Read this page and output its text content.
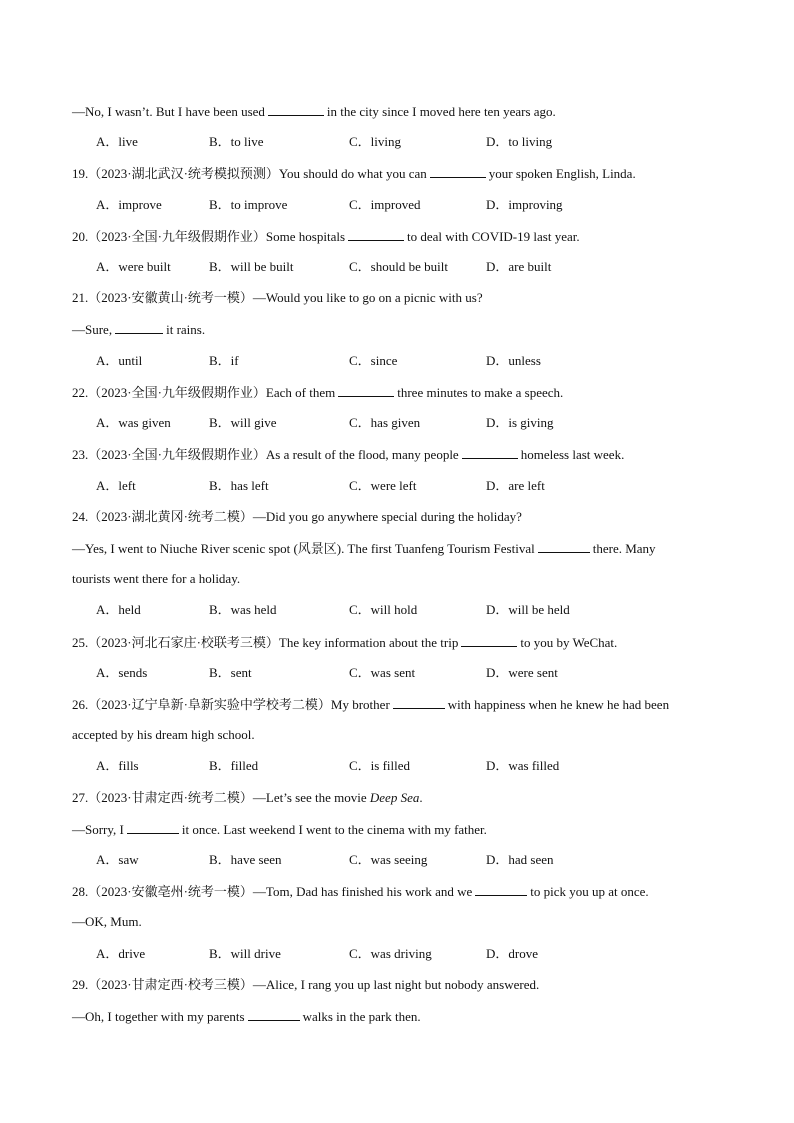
—No, I wasn’t. But I have been used	in the city since I moved here ten years ago.
A．live	B．to live	C．living	D．to living
19.（2023·湖北武汉·统考模拟预测）You should do what you can	your spoken English, Linda.
A．improve	B．to improve	C．improved	D．improving
20.（2023·全国·九年级假期作业）Some hospitals	to deal with COVID-19 last year.
A．were built	B．will be built	C．should be built	D．are built
21.（2023·安徽黄山·统考一模）—Would you like to go on a picnic with us?
—Sure,	it rains.
A．until	B．if	C．since	D．unless
22.（2023·全国·九年级假期作业）Each of them	three minutes to make a speech.
A．was given	B．will give	C．has given	D．is giving
23.（2023·全国·九年级假期作业）As a result of the flood, many people	homeless last week.
A．left	B．has left	C．were left	D．are left
24.（2023·湖北黄冈·统考二模）—Did you go anywhere special during the holiday?
—Yes, I went to Niuche River scenic spot (风景区). The first Tuanfeng Tourism Festival	there. Many
tourists went there for a holiday.
A．held	B．was held	C．will hold	D．will be held
25.（2023·河北石家庄·校联考三模）The key information about the trip	to you by WeChat.
A．sends	B．sent	C．was sent	D．were sent
26.（2023·辽宁阜新·阜新实验中学校考二模）My brother	with happiness when he knew he had been
accepted by his dream high school.
A．fills	B．filled	C．is filled	D．was filled
27.（2023·甘肃定西·统考二模）—Let’s see the movie Deep Sea.
—Sorry, I	it once. Last weekend I went to the cinema with my father.
A．saw	B．have seen	C．was seeing	D．had seen
28.（2023·安徽亳州·统考一模）—Tom, Dad has finished his work and we	to pick you up at once.
—OK, Mum.
A．drive	B．will drive	C．was driving	D．drove
29.（2023·甘肃定西·校考三模）—Alice, I rang you up last night but nobody answered.
—Oh, I together with my parents	walks in the park then.
